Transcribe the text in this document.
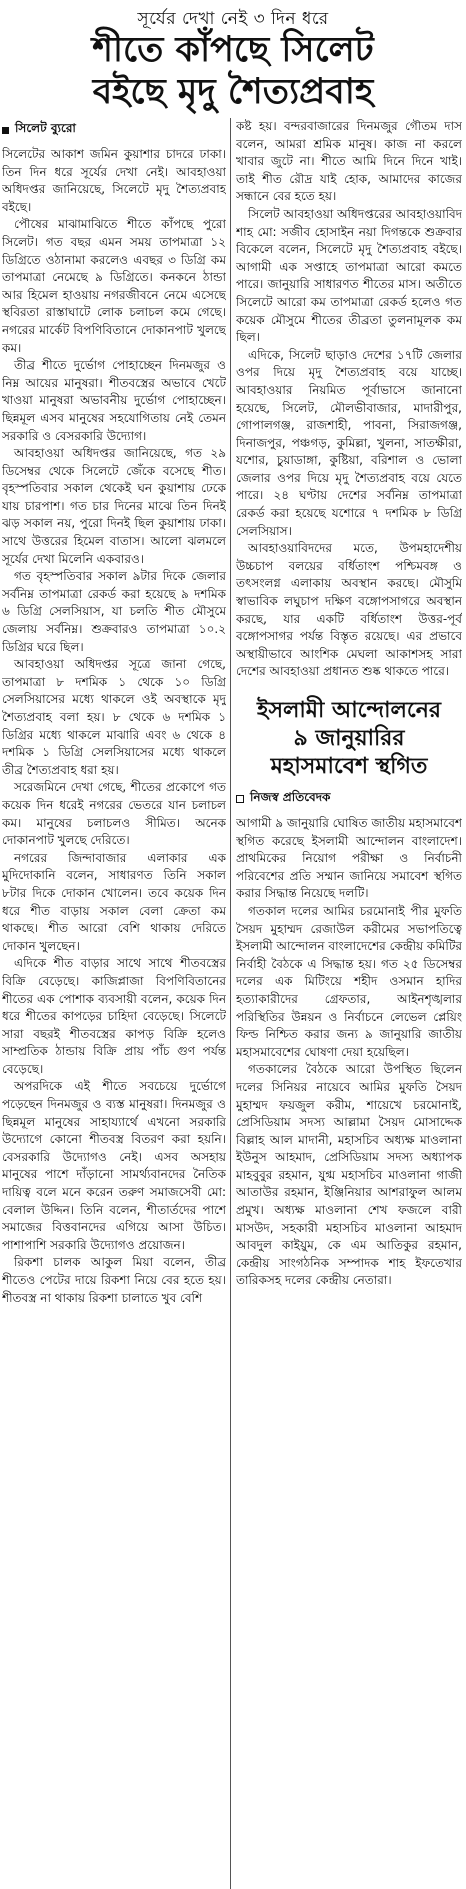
সূর্যের দেখা নেই ৩ দিন ধরে
শীতে কাঁপছে সিলেট
বইছে মৃদু শৈত্যপ্রবাহ
সিলেট ব্যুরো

সিলেটের আকাশ জমিন কুয়াশার চাদরে ঢাকা। তিন দিন ধরে সূর্যের দেখা নেই। আবহাওয়া অধিদপ্তর জানিয়েছে, সিলেটে মৃদু শৈত্যপ্রবাহ বইছে।

পৌষের মাঝামাঝিতে শীতে কাঁপছে পুরো সিলেট। গত বছর এমন সময় তাপমাত্রা ১২ ডিগ্রিতে ওঠানামা করলেও এবছর ৩ ডিগ্রি কম তাপমাত্রা নেমেছে ৯ ডিগ্রিতে। কনকনে ঠান্ডা আর হিমেল হাওয়ায় নগরজীবনে নেমে এসেছে স্থবিরতা রাস্তাঘাটে লোক চলাচল কমে গেছে। নগরের মার্কেট বিপণিবিতানে দোকানপাট খুলছে কম।

তীব্র শীতে দুর্ভোগ পোহাচ্ছেন দিনমজুর ও নিম্ন আয়ের মানুষরা। শীতবস্ত্রের অভাবে খেটে খাওয়া মানুষরা অভাবনীয় দুর্ভোগ পোহাচ্ছেন। ছিন্নমূল এসব মানুষের সহযোগিতায় নেই তেমন সরকারি ও বেসরকারি উদ্যোগ।

আবহাওয়া অধিদপ্তর জানিয়েছে, গত ২৯ ডিসেম্বর থেকে সিলেটে জেঁকে বসেছে শীত। বৃহস্পতিবার সকাল থেকেই ঘন কুয়াশায় ঢেকে যায় চারপাশ। গত চার দিনের মাঝে তিন দিনই ঝড় সকাল নয়, পুরো দিনই ছিল কুয়াশায় ঢাকা। সাথে উত্তরের হিমেল বাতাস। আলো ঝলমলে সূর্যের দেখা মিলেনি একবারও।

গত বৃহস্পতিবার সকাল ৯টার দিকে জেলার সর্বনিম্ন তাপমাত্রা রেকর্ড করা হয়েছে ৯ দশমিক ৬ ডিগ্রি সেলসিয়াস, যা চলতি শীত মৌসুমে জেলায় সর্বনিম্ন। শুক্রবারও তাপমাত্রা ১০.২ ডিগ্রির ঘরে ছিল।

আবহাওয়া অধিদপ্তর সূত্রে জানা গেছে, তাপমাত্রা ৮ দশমিক ১ থেকে ১০ ডিগ্রি সেলসিয়াসের মধ্যে থাকলে ওই অবস্থাকে মৃদু শৈত্যপ্রবাহ বলা হয়। ৮ থেকে ৬ দশমিক ১ ডিগ্রির মধ্যে থাকলে মাঝারি এবং ৬ থেকে ৪ দশমিক ১ ডিগ্রি সেলসিয়াসের মধ্যে থাকলে তীব্র শৈত্যপ্রবাহ ধরা হয়।

সরেজমিনে দেখা গেছে, শীতের প্রকোপে গত কয়েক দিন ধরেই নগরের ভেতরে যান চলাচল কম। মানুষের চলাচলও সীমিত। অনেক দোকানপাট খুলছে দেরিতে।

নগরের জিন্দাবাজার এলাকার এক মুদিদোকানি বলেন, সাধারণত তিনি সকাল ৮টার দিকে দোকান খোলেন। তবে কয়েক দিন ধরে শীত বাড়ায় সকাল বেলা ক্রেতা কম থাকছে। শীত আরো বেশি থাকায় দেরিতে দোকান খুলছেন।

এদিকে শীত বাড়ার সাথে সাথে শীতবস্ত্রের বিক্রি বেড়েছে। কাজিপ্লাজা বিপণিবিতানের শীতের এক পোশাক ব্যবসায়ী বলেন, কয়েক দিন ধরে শীতের কাপড়ের চাহিদা বেড়েছে। সিলেটে সারা বছরই শীতবস্ত্রের কাপড় বিক্রি হলেও সাম্প্রতিক ঠান্ডায় বিক্রি প্রায় পাঁচ গুণ পর্যন্ত বেড়েছে।

অপরদিকে এই শীতে সবচেয়ে দুর্ভোগে পড়েছেন দিনমজুর ও ব্যস্ত মানুষরা। দিনমজুর ও ছিন্নমূল মানুষের সাহায্যার্থে এখনো সরকারি উদ্যোগে কোনো শীতবস্ত্র বিতরণ করা হয়নি। বেসরকারি উদ্যোগও নেই। এসব অসহায় মানুষের পাশে দাঁড়ানো সামর্থ্যবানদের নৈতিক দায়িত্ব বলে মনে করেন তরুণ সমাজসেবী মো: বেলাল উদ্দিন। তিনি বলেন, শীতার্তদের পাশে সমাজের বিত্তবানদের এগিয়ে আসা উচিত। পাশাপাশি সরকারি উদ্যোগও প্রয়োজন।

রিকশা চালক আকুল মিয়া বলেন, তীব্র শীতেও পেটের দায়ে রিকশা নিয়ে বের হতে হয়। শীতবস্ত্র না থাকায় রিকশা চালাতে খুব বেশি

কষ্ট হয়। বন্দরবাজারের দিনমজুর গৌতম দাস বলেন, আমরা শ্রমিক মানুষ। কাজ না করলে খাবার জুটে না। শীতে আমি দিনে দিনে খাই। তাই শীত রৌদ্র যাই হোক, আমাদের কাজের সন্ধানে বের হতে হয়।

সিলেট আবহাওয়া অধিদপ্তরের আবহাওয়াবিদ শাহ মো: সজীব হোসাইন নয়া দিগন্তকে শুক্রবার বিকেলে বলেন, সিলেটে মৃদু শৈত্যপ্রবাহ বইছে। আগামী এক সপ্তাহে তাপমাত্রা আরো কমতে পারে। জানুয়ারি সাধারণত শীতের মাস। অতীতে সিলেটে আরো কম তাপমাত্রা রেকর্ড হলেও গত কয়েক মৌসুমে শীতের তীব্রতা তুলনামূলক কম ছিল।

এদিকে, সিলেট ছাড়াও দেশের ১৭টি জেলার ওপর দিয়ে মৃদু শৈত্যপ্রবাহ বয়ে যাচ্ছে। আবহাওয়ার নিয়মিত পূর্বাভাসে জানানো হয়েছে, সিলেট, মৌলভীবাজার, মাদারীপুর, গোপালগঞ্জ, রাজশাহী, পাবনা, সিরাজগঞ্জ, দিনাজপুর, পঞ্চগড়, কুমিল্লা, খুলনা, সাতক্ষীরা, যশোর, চুয়াডাঙ্গা, কুষ্টিয়া, বরিশাল ও ভোলা জেলার ওপর দিয়ে মৃদু শৈত্যপ্রবাহ বয়ে যেতে পারে। ২৪ ঘণ্টায় দেশের সর্বনিম্ন তাপমাত্রা রেকর্ড করা হয়েছে যশোরে ৭ দশমিক ৮ ডিগ্রি সেলসিয়াস।

আবহাওয়াবিদদের মতে, উপমহাদেশীয় উচ্চচাপ বলয়ের বর্ধিতাংশ পশ্চিমবঙ্গ ও তৎসংলগ্ন এলাকায় অবস্থান করছে। মৌসুমি স্বাভাবিক লঘুচাপ দক্ষিণ বঙ্গোপসাগরে অবস্থান করছে, যার একটি বর্ধিতাংশ উত্তর-পূর্ব বঙ্গোপসাগর পর্যন্ত বিস্তৃত রয়েছে। এর প্রভাবে অস্থায়ীভাবে আংশিক মেঘলা আকাশসহ সারা দেশের আবহাওয়া প্রধানত শুষ্ক থাকতে পারে।

ইসলামী আন্দোলনের
৯ জানুয়ারির
মহাসমাবেশ স্থগিত
নিজস্ব প্রতিবেদক

আগামী ৯ জানুয়ারি ঘোষিত জাতীয় মহাসমাবেশ স্থগিত করেছে ইসলামী আন্দোলন বাংলাদেশ। প্রাথমিকের নিয়োগ পরীক্ষা ও নির্বাচনী পরিবেশের প্রতি সম্মান জানিয়ে সমাবেশ স্থগিত করার সিদ্ধান্ত নিয়েছে দলটি।

গতকাল দলের আমির চরমোনাই পীর মুফতি সৈয়দ মুহাম্মদ রেজাউল করীমের সভাপতিত্বে ইসলামী আন্দোলন বাংলাদেশের কেন্দ্রীয় কমিটির নির্বাহী বৈঠকে এ সিদ্ধান্ত হয়। গত ২৫ ডিসেম্বর দলের এক মিটিংয়ে শহীদ ওসমান হাদির হত্যাকারীদের গ্রেফতার, আইনশৃঙ্খলার পরিস্থিতির উন্নয়ন ও নির্বাচনে লেভেল প্লেয়িং ফিল্ড নিশ্চিত করার জন্য ৯ জানুয়ারি জাতীয় মহাসমাবেশের ঘোষণা দেয়া হয়েছিল।

গতকালের বৈঠকে আরো উপস্থিত ছিলেন দলের সিনিয়র নায়েবে আমির মুফতি সৈয়দ মুহাম্মদ ফয়জুল করীম, শায়েখে চরমোনাই, প্রেসিডিয়াম সদস্য আল্লামা সৈয়দ মোসাদ্দেক বিল্লাহ আল মাদানী, মহাসচিব অধ্যক্ষ মাওলানা ইউনুস আহমাদ, প্রেসিডিয়াম সদস্য অধ্যাপক মাহবুবুর রহমান, যুগ্ম মহাসচিব মাওলানা গাজী আতাউর রহমান, ইঞ্জিনিয়ার আশরাফুল আলম প্রমুখ। অধ্যক্ষ মাওলানা শেখ ফজলে বারী মাসউদ, সহকারী মহাসচিব মাওলানা আহমাদ আবদুল কাইয়ুম, কে এম আতিকুর রহমান, কেন্দ্রীয় সাংগঠনিক সম্পাদক শাহ ইফতেখার তারিকসহ দলের কেন্দ্রীয় নেতারা।
